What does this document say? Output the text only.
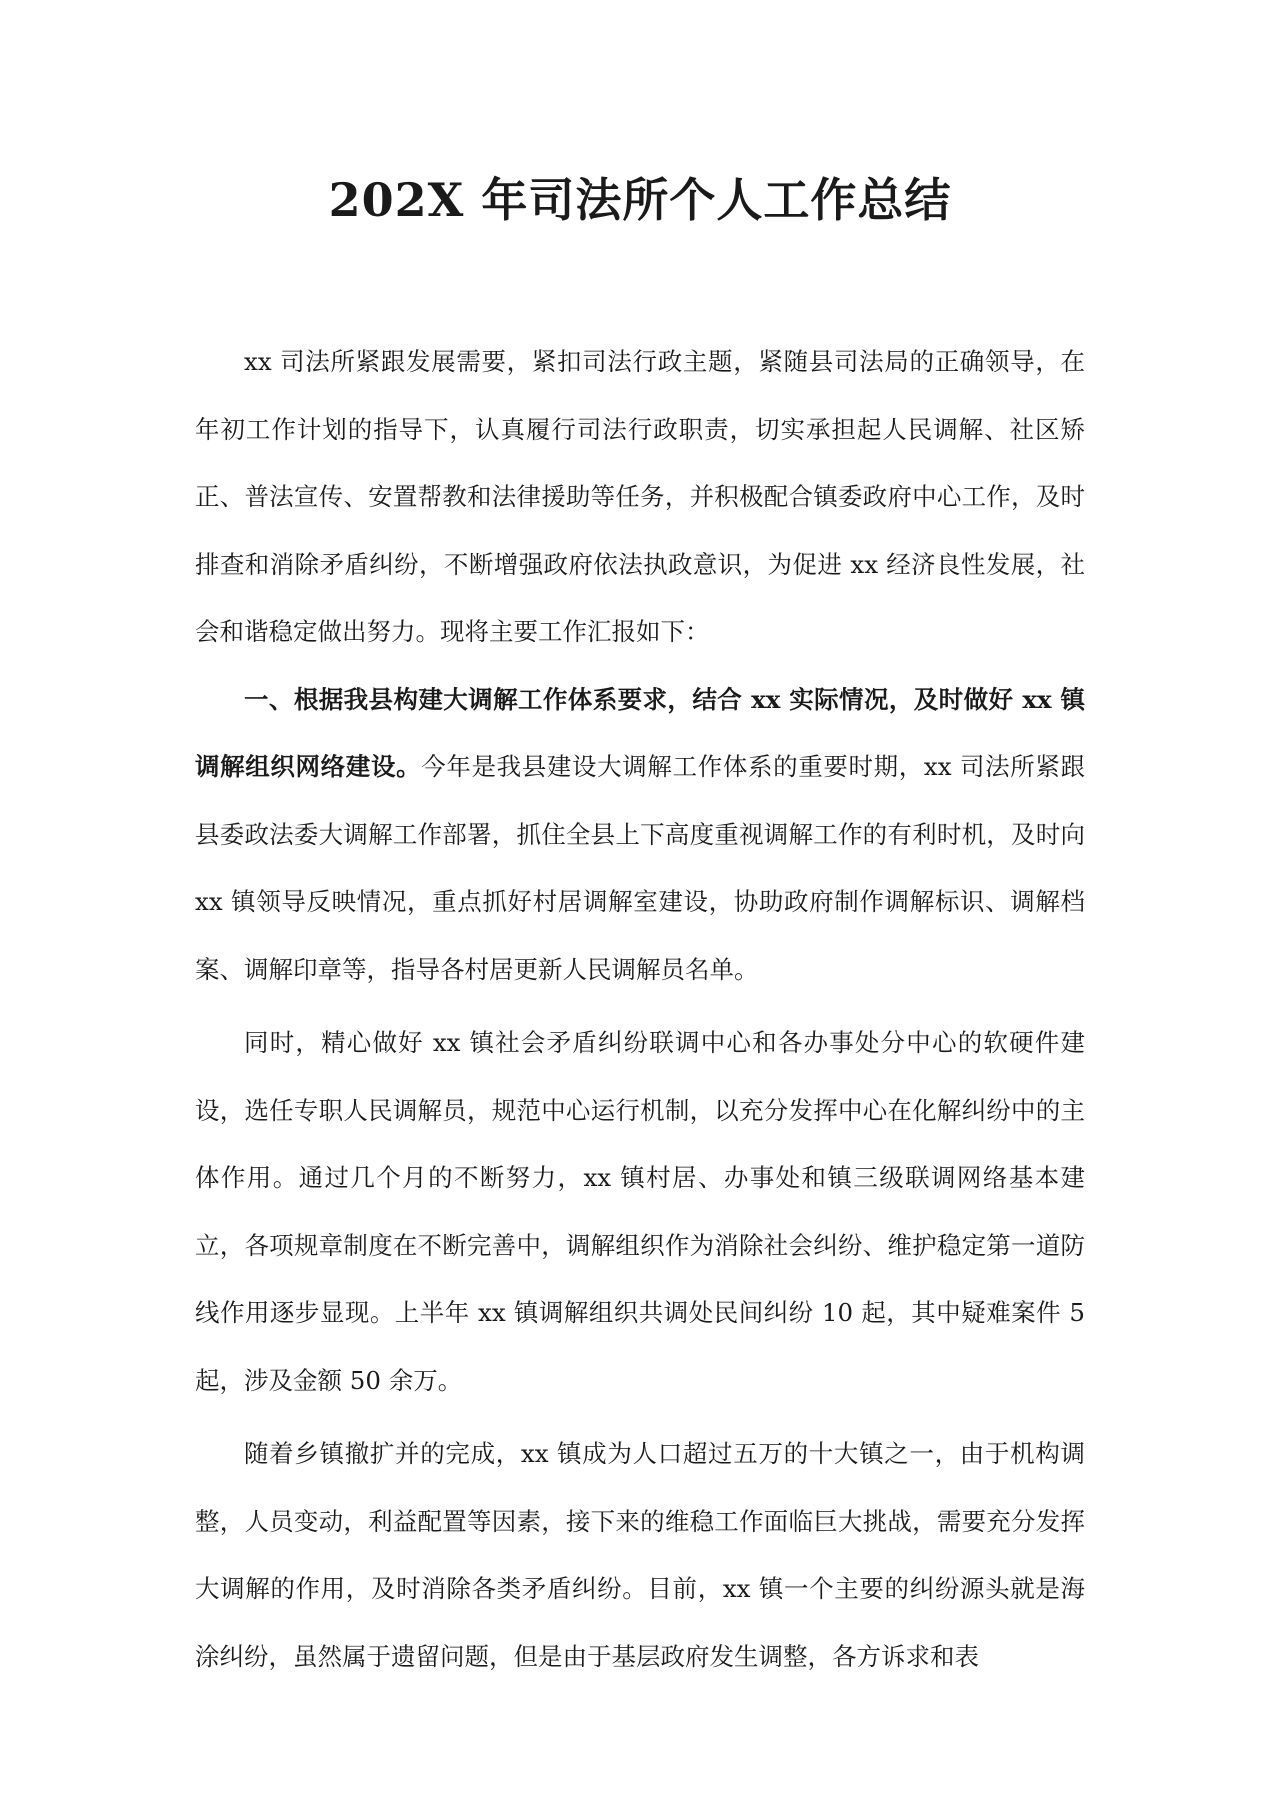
202X 年司法所个人工作总结

xx 司法所紧跟发展需要，紧扣司法行政主题，紧随县司法局的正确领导，在年初工作计划的指导下，认真履行司法行政职责，切实承担起人民调解、社区矫正、普法宣传、安置帮教和法律援助等任务，并积极配合镇委政府中心工作，及时排查和消除矛盾纠纷，不断增强政府依法执政意识，为促进 xx 经济良性发展，社会和谐稳定做出努力。现将主要工作汇报如下：

一、根据我县构建大调解工作体系要求，结合 xx 实际情况，及时做好 xx 镇调解组织网络建设。今年是我县建设大调解工作体系的重要时期，xx 司法所紧跟县委政法委大调解工作部署，抓住全县上下高度重视调解工作的有利时机，及时向 xx 镇领导反映情况，重点抓好村居调解室建设，协助政府制作调解标识、调解档案、调解印章等，指导各村居更新人民调解员名单。

同时，精心做好 xx 镇社会矛盾纠纷联调中心和各办事处分中心的软硬件建设，选任专职人民调解员，规范中心运行机制，以充分发挥中心在化解纠纷中的主体作用。通过几个月的不断努力，xx 镇村居、办事处和镇三级联调网络基本建立，各项规章制度在不断完善中，调解组织作为消除社会纠纷、维护稳定第一道防线作用逐步显现。上半年 xx 镇调解组织共调处民间纠纷 10 起，其中疑难案件 5 起，涉及金额 50 余万。

随着乡镇撤扩并的完成，xx 镇成为人口超过五万的十大镇之一，由于机构调整，人员变动，利益配置等因素，接下来的维稳工作面临巨大挑战，需要充分发挥大调解的作用，及时消除各类矛盾纠纷。目前，xx 镇一个主要的纠纷源头就是海涂纠纷，虽然属于遗留问题，但是由于基层政府发生调整，各方诉求和表
